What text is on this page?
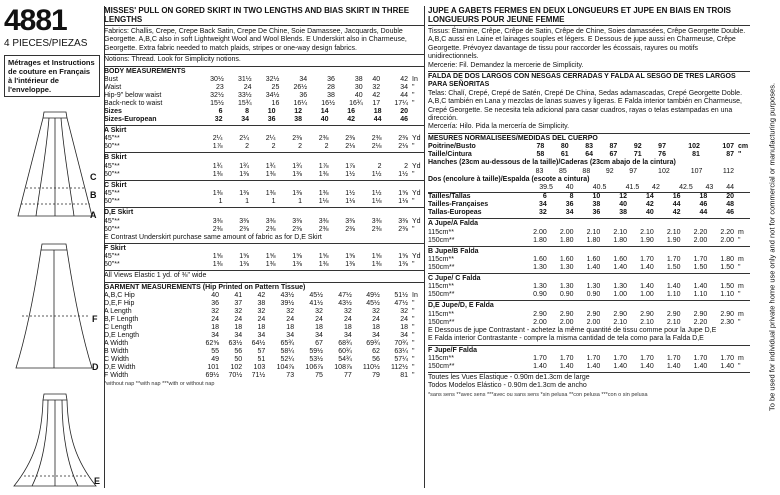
4881
4 PIECES/PIEZAS
Métrages et Instructions de couture en Français à l'intérieur de l'enveloppe.
C
B
A
F
D
E
MISSES' PULL ON GORED SKIRT IN TWO LENGTHS AND BIAS SKIRT IN THREE LENGTHS
Fabrics: Challis, Crepe, Crepe Back Satin, Crepe De Chine, Soie Damassee, Jacquards, Double Georgette. A,B,C also in soft Lightweight Wool and Wool Blends. E Underskirt also in Charmeuse, Georgette. Extra fabric needed to match plaids, stripes or one-way design fabrics.
Notions: Thread. Look for Simplicity notions.
BODY MEASUREMENTS
Bust	30½	31½	32½	34	36	38	40	42	In
Waist	23	24	25	26½	28	30	32	34	"
Hip-9" below waist	32½	33½	34½	36	38	40	42	44	"
Back-neck to waist	15½	15¾	16	16¼	16½	16¾	17	17¼	"
Sizes	6	8	10	12	14	16	18	20	
Sizes-European	32	34	36	38	40	42	44	46	
A Skirt
45"**	2¼	2¼	2¼	2⅜	2⅜	2⅜	2⅜	2⅜	Yd
60"**	1⅞	2	2	2	2	2⅛	2⅛	2⅛	"
B Skirt
45"**	1¾	1¾	1¾	1¾	1⅞	1⅞	2	2	Yd
60"**	1⅜	1⅜	1⅜	1⅜	1⅜	1½	1½	1½	"
C Skirt
45"**	1⅜	1⅜	1⅜	1⅜	1⅜	1½	1½	1⅝	Yd
60"**	1	1	1	1	1⅛	1⅛	1⅛	1⅛	"
D,E Skirt
45"**	3⅜	3⅜	3⅜	3⅜	3⅜	3⅜	3⅜	3⅜	Yd
60"**	2⅜	2⅜	2⅜	2⅜	2⅜	2⅜	2⅜	2⅜	"
E Contrast Underskirt purchase same amount of fabric as for D,E Skirt
F Skirt
45"**	1⅝	1⅝	1⅝	1⅝	1⅝	1⅝	1⅝	1⅝	Yd
60"**	1⅜	1⅜	1⅜	1⅜	1⅜	1⅜	1⅜	1⅜	"
All Views Elastic 1 yd. of ⅜" wide
GARMENT MEASUREMENTS (Hip Printed on Pattern Tissue)
A,B,C Hip	40	41	42	43½	45½	47½	49½	51½	In
D,E,F Hip	36	37	38	39½	41½	43½	45½	47½	"
A Length	32	32	32	32	32	32	32	32	"
B,F Length	24	24	24	24	24	24	24	24	"
C Length	18	18	18	18	18	18	18	18	"
D,E Length	34	34	34	34	34	34	34	34	"
A Width	62⅝	63½	64½	65¾	67	68¾	69¾	70¾	"
B Width	55	56	57	58¼	59½	60¾	62	63¼	"
C Width	49	50	51	52¼	53½	54¾	56	57¼	"
D,E Width	101	102	103	104⅞	106⅞	108⅞	110½	112½	"
F Width	69½	70½	71½	73	75	77	79	81	"
*without nap **with nap ***with or without nap
JUPE A GABETS FERMES EN DEUX LONGUEURS ET JUPE EN BIAIS EN TROIS LONGUEURS POUR JEUNE FEMME
Tissus: Étamine, Crêpe, Crêpe de Satin, Crêpe de Chine, Soies damassées, Crêpe Georgette Double. A,B,C aussi en Laine et lainages souples et légers. E Dessous de jupe aussi en Charmeuse, Crêpe Georgette. Prévoyez davantage de tissu pour raccorder les écossais, rayures ou motifs unidirectionnels.
Mercerie: Fil. Demandez la mercerie de Simplicity.
FALDA DE DOS LARGOS CON NESGAS CERRADAS Y FALDA AL SESGO DE TRES LARGOS PARA SEÑORITAS
Telas: Chalí, Crepé, Crepé de Satén, Crepé De China, Sedas adamascadas, Crepé Georgette Doble. A,B,C también en Lana y mezclas de lanas suaves y ligeras. E Falda interior también en Charmeuse, Crepé Georgette. Se necesita tela adicional para casar cuadros, rayas o telas estampadas en una dirección.
Mercería: Hilo. Pida la mercería de Simplicity.
MESURES NORMALISEES/MEDIDAS DEL CUERPO
Poitrine/Busto	78	80	83	87	92	97	102	107	cm
Taille/Cintura	58	61	64	67	71	76	81	87	"
Hanches (23cm au-dessous de la taille)/Caderas (23cm abajo de la cintura)
	83	85	88	92	97	102	107	112	
Dos (encolure à taille)/Espalda (escote a cintura)
	39.5	40	40.5	41.5	42	42.5	43	44	
Tailles/Tallas	6	8	10	12	14	16	18	20	
Tailles-Françaises	34	36	38	40	42	44	46	48	
Tallas-Europeas	32	34	36	38	40	42	44	46	
A Jupe/A Falda
115cm**	2.00	2.00	2.10	2.10	2.10	2.10	2.20	2.20	m
150cm**	1.80	1.80	1.80	1.80	1.90	1.90	2.00	2.00	"
B Jupe/B Falda
115cm**	1.60	1.60	1.60	1.60	1.70	1.70	1.70	1.80	m
150cm**	1.30	1.30	1.40	1.40	1.40	1.50	1.50	1.50	"
C Jupe/ C Falda
115cm**	1.30	1.30	1.30	1.30	1.40	1.40	1.40	1.50	m
150cm**	0.90	0.90	0.90	1.00	1.00	1.10	1.10	1.10	"
D,E Jupe/D, E Falda
115cm**	2.90	2.90	2.90	2.90	2.90	2.90	2.90	2.90	m
150cm**	2.00	2.00	2.00	2.10	2.10	2.10	2.20	2.30	"
E Dessous de jupe Contrastant - achetez la même quantité de tissu comme pour la Jupe D,E
E Falda interior Contrastante - compre la misma cantidad de tela como para la Falda D,E
F Jupe/F Falda
115cm**	1.70	1.70	1.70	1.70	1.70	1.70	1.70	1.70	m
150cm**	1.40	1.40	1.40	1.40	1.40	1.40	1.40	1.40	"
Toutes les Vues Elastique - 0.90m de1.3cm de large
Todos Modelos Elástico - 0.90m de1.3cm de ancho
*sans sens **avec sens ***avec ou sans sens *sin pelusa **con pelusa ***con o sin pelusa	To be used for individual private home use only and not for commercial or manufacturing purposes.
